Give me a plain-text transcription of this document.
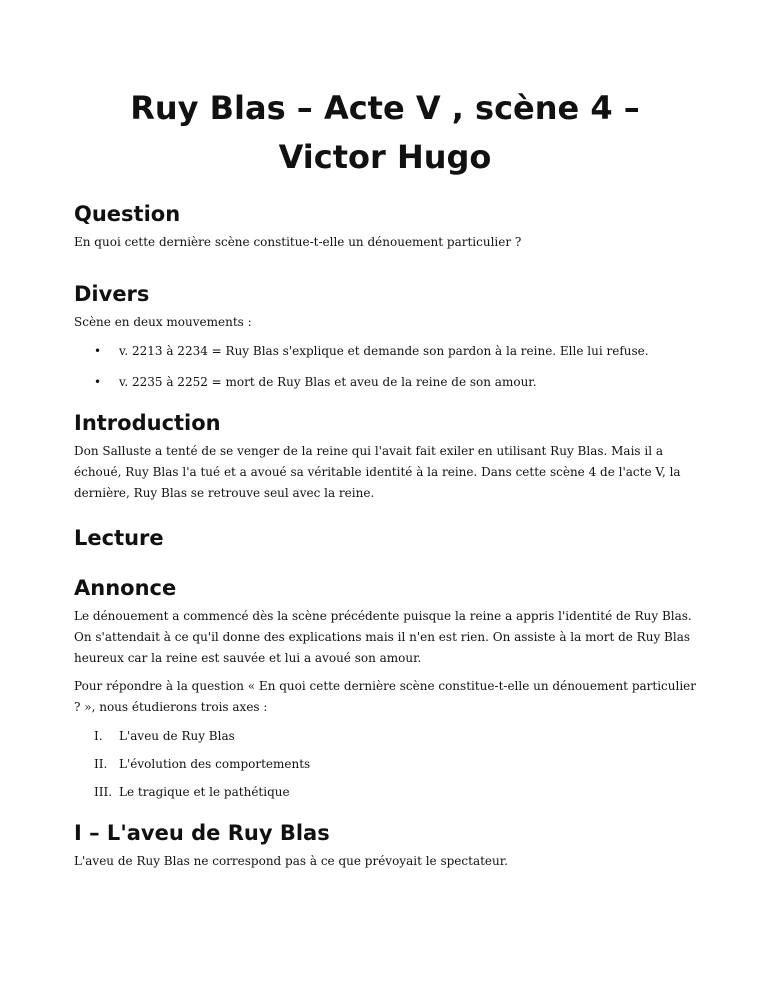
Ruy Blas – Acte V , scène 4 – Victor Hugo
Question

En quoi cette dernière scène constitue-t-elle un dénouement particulier ?

Divers

Scène en deux mouvements :

• v. 2213 à 2234 = Ruy Blas s'explique et demande son pardon à la reine. Elle lui refuse.
• v. 2235 à 2252 = mort de Ruy Blas et aveu de la reine de son amour.
Introduction

Don Salluste a tenté de se venger de la reine qui l'avait fait exiler en utilisant Ruy Blas. Mais il a échoué, Ruy Blas l'a tué et a avoué sa véritable identité à la reine. Dans cette scène 4 de l'acte V, la dernière, Ruy Blas se retrouve seul avec la reine.

Lecture
Annonce

Le dénouement a commencé dès la scène précédente puisque la reine a appris l'identité de Ruy Blas. On s'attendait à ce qu'il donne des explications mais il n'en est rien. On assiste à la mort de Ruy Blas heureux car la reine est sauvée et lui a avoué son amour.

Pour répondre à la question « En quoi cette dernière scène constitue-t-elle un dénouement particulier ? », nous étudierons trois axes :

I. L'aveu de Ruy Blas
II. L'évolution des comportements
III. Le tragique et le pathétique
I – L'aveu de Ruy Blas

L'aveu de Ruy Blas ne correspond pas à ce que prévoyait le spectateur.
